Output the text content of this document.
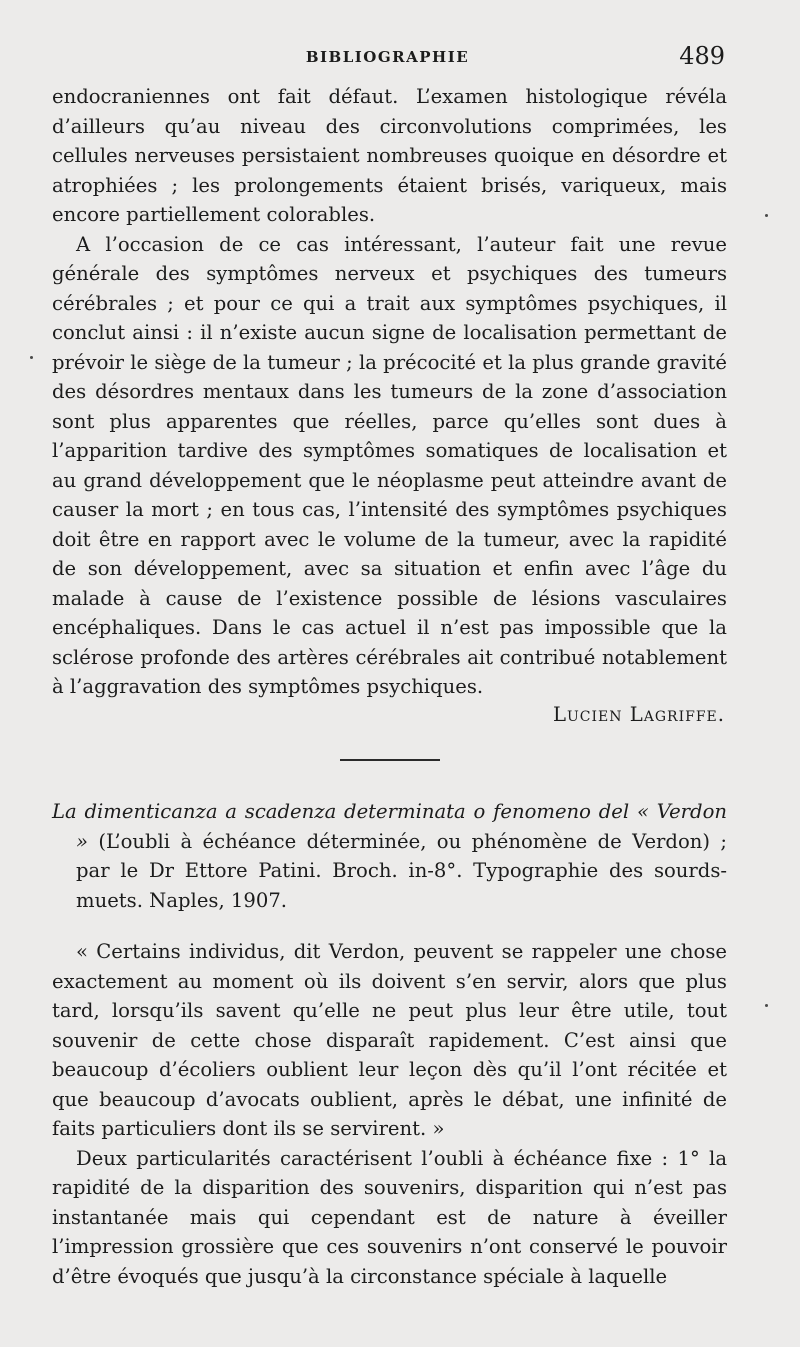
BIBLIOGRAPHIE	489

endocraniennes ont fait défaut. L’examen histologique révéla d’ailleurs qu’au niveau des circonvolutions comprimées, les cellules nerveuses persistaient nombreuses quoique en désordre et atrophiées ; les prolongements étaient brisés, variqueux, mais encore partiellement colorables.

A l’occasion de ce cas intéressant, l’auteur fait une revue générale des symptômes nerveux et psychiques des tumeurs cérébrales ; et pour ce qui a trait aux symptômes psychiques, il conclut ainsi : il n’existe aucun signe de localisation permettant de prévoir le siège de la tumeur ; la précocité et la plus grande gravité des désordres mentaux dans les tumeurs de la zone d’association sont plus apparentes que réelles, parce qu’elles sont dues à l’apparition tardive des symptômes somatiques de localisation et au grand développement que le néoplasme peut atteindre avant de causer la mort ; en tous cas, l’intensité des symptômes psychiques doit être en rapport avec le volume de la tumeur, avec la rapidité de son développement, avec sa situation et enfin avec l’âge du malade à cause de l’existence possible de lésions vasculaires encéphaliques. Dans le cas actuel il n’est pas impossible que la sclérose profonde des artères cérébrales ait contribué notablement à l’aggravation des symptômes psychiques.

Lucien Lagriffe.

La dimenticanza a scadenza determinata o fenomeno del « Verdon » (L’oubli à échéance déterminée, ou phénomène de Verdon) ; par le Dr Ettore Patini. Broch. in-8°. Typographie des sourds-muets. Naples, 1907.

« Certains individus, dit Verdon, peuvent se rappeler une chose exactement au moment où ils doivent s’en servir, alors que plus tard, lorsqu’ils savent qu’elle ne peut plus leur être utile, tout souvenir de cette chose disparaît rapidement. C’est ainsi que beaucoup d’écoliers oublient leur leçon dès qu’il l’ont récitée et que beaucoup d’avocats oublient, après le débat, une infinité de faits particuliers dont ils se servirent. »

Deux particularités caractérisent l’oubli à échéance fixe : 1° la rapidité de la disparition des souvenirs, disparition qui n’est pas instantanée mais qui cependant est de nature à éveiller l’impression grossière que ces souvenirs n’ont conservé le pouvoir d’être évoqués que jusqu’à la circonstance spéciale à laquelle
